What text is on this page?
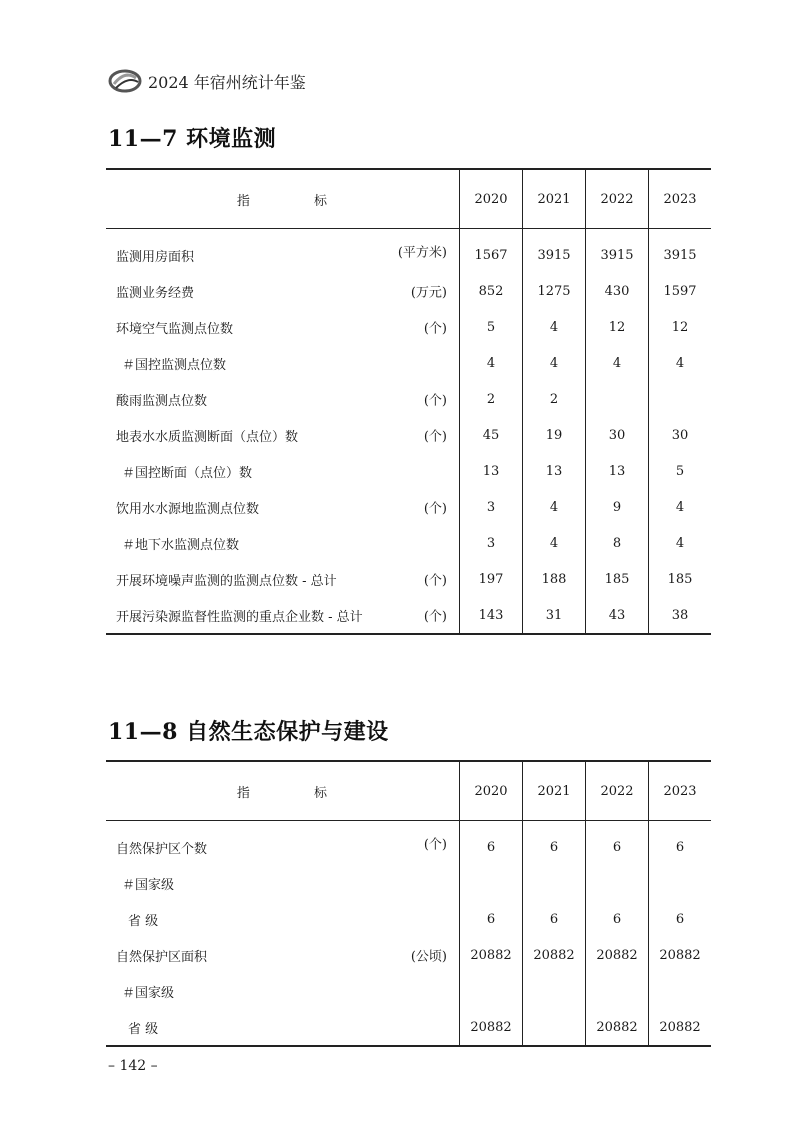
2024 年宿州统计年鉴
11—7 环境监测
指 标	2020	2021	2022	2023
监测用房面积 (平方米)	1567	3915	3915	3915
监测业务经费 (万元)	852	1275	430	1597
环境空气监测点位数 (个)	5	4	12	12
＃国控监测点位数	4	4	4	4
酸雨监测点位数 (个)	2	2		
地表水水质监测断面（点位）数 (个)	45	19	30	30
＃国控断面（点位）数	13	13	13	5
饮用水水源地监测点位数 (个)	3	4	9	4
＃地下水监测点位数	3	4	8	4
开展环境噪声监测的监测点位数 - 总计 (个)	197	188	185	185
开展污染源监督性监测的重点企业数 - 总计 (个)	143	31	43	38
11—8 自然生态保护与建设
指 标	2020	2021	2022	2023
自然保护区个数 (个)	6	6	6	6
＃国家级

省 级	6	6	6	6
自然保护区面积 (公顷)	20882	20882	20882	20882
＃国家级

省 级	20882		20882	20882
– 142 –
